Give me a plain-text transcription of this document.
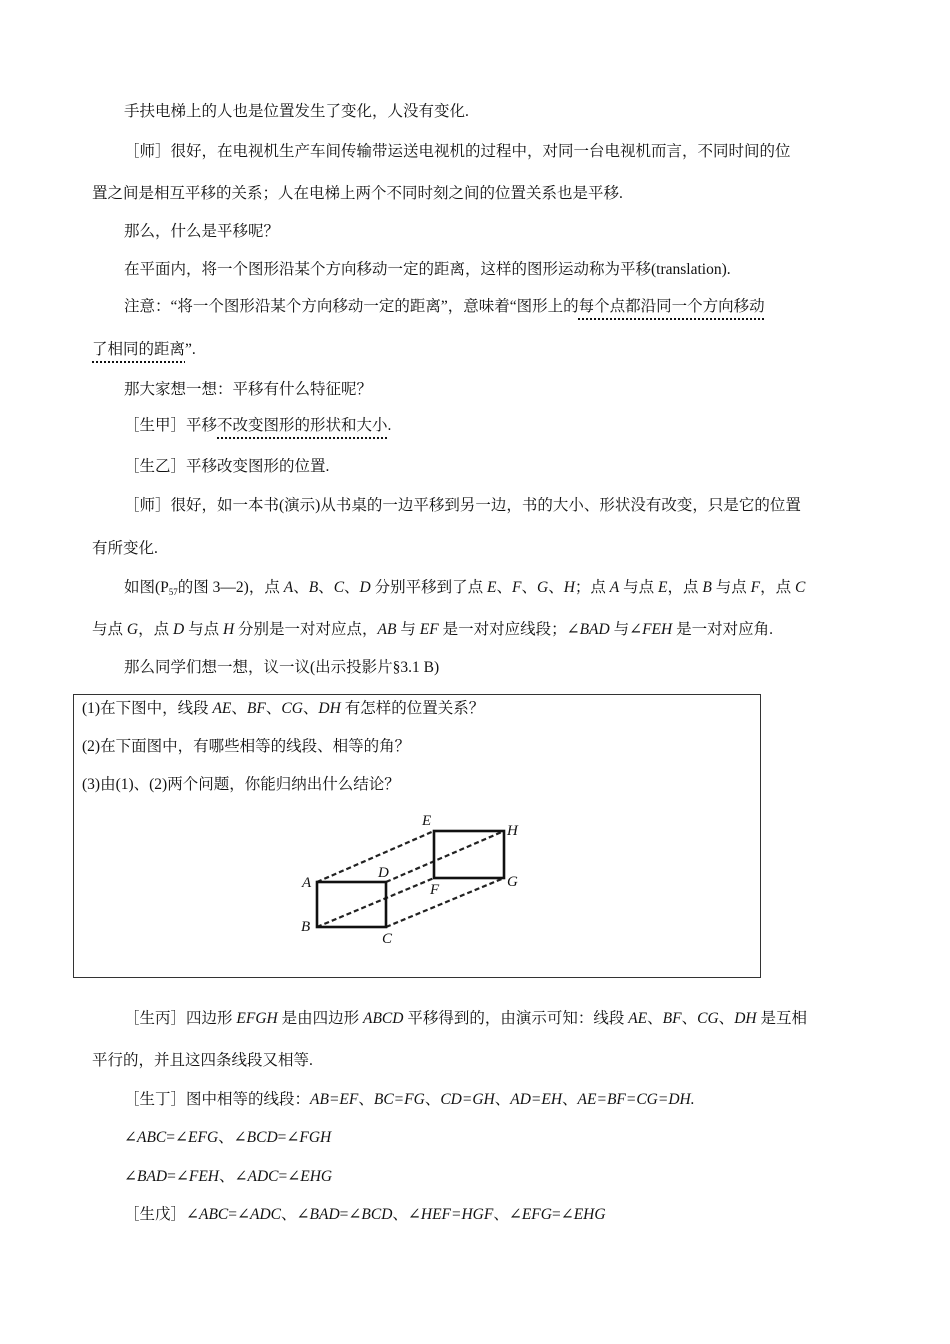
手扶电梯上的人也是位置发生了变化，人没有变化.
［师］很好，在电视机生产车间传输带运送电视机的过程中，对同一台电视机而言，不同时间的位
置之间是相互平移的关系；人在电梯上两个不同时刻之间的位置关系也是平移.
那么，什么是平移呢？
在平面内，将一个图形沿某个方向移动一定的距离，这样的图形运动称为平移(translation).
注意：“将一个图形沿某个方向移动一定的距离”，意味着“图形上的每个点都沿同一个方向移动
了相同的距离”.
那大家想一想：平移有什么特征呢？
［生甲］平移不改变图形的形状和大小.
［生乙］平移改变图形的位置.
［师］很好，如一本书(演示)从书桌的一边平移到另一边，书的大小、形状没有改变，只是它的位置
有所变化.
如图($P_{57}$的图 3—2)，点 A、B、C、D 分别平移到了点 E、F、G、H；点 A 与点 E，点 B 与点 F，点 C
与点 G，点 D 与点 H 分别是一对对应点，AB 与 EF 是一对对应线段；∠BAD 与∠FEH 是一对对应角.
那么同学们想一想，议一议(出示投影片§3.1 B)
(1)在下图中，线段 AE、BF、CG、DH 有怎样的位置关系？
(2)在下面图中，有哪些相等的线段、相等的角？
(3)由(1)、(2)两个问题，你能归纳出什么结论？
A
B
C
D
E
F	G
H
［生丙］四边形 EFGH 是由四边形 ABCD 平移得到的，由演示可知：线段 AE、BF、CG、DH 是互相
平行的，并且这四条线段又相等.
［生丁］图中相等的线段：AB=EF、BC=FG、CD=GH、AD=EH、AE=BF=CG=DH.
∠ABC=∠EFG、∠BCD=∠FGH
∠BAD=∠FEH、∠ADC=∠EHG
［生戊］∠ABC=∠ADC、∠BAD=∠BCD、∠HEF=HGF、∠EFG=∠EHG
